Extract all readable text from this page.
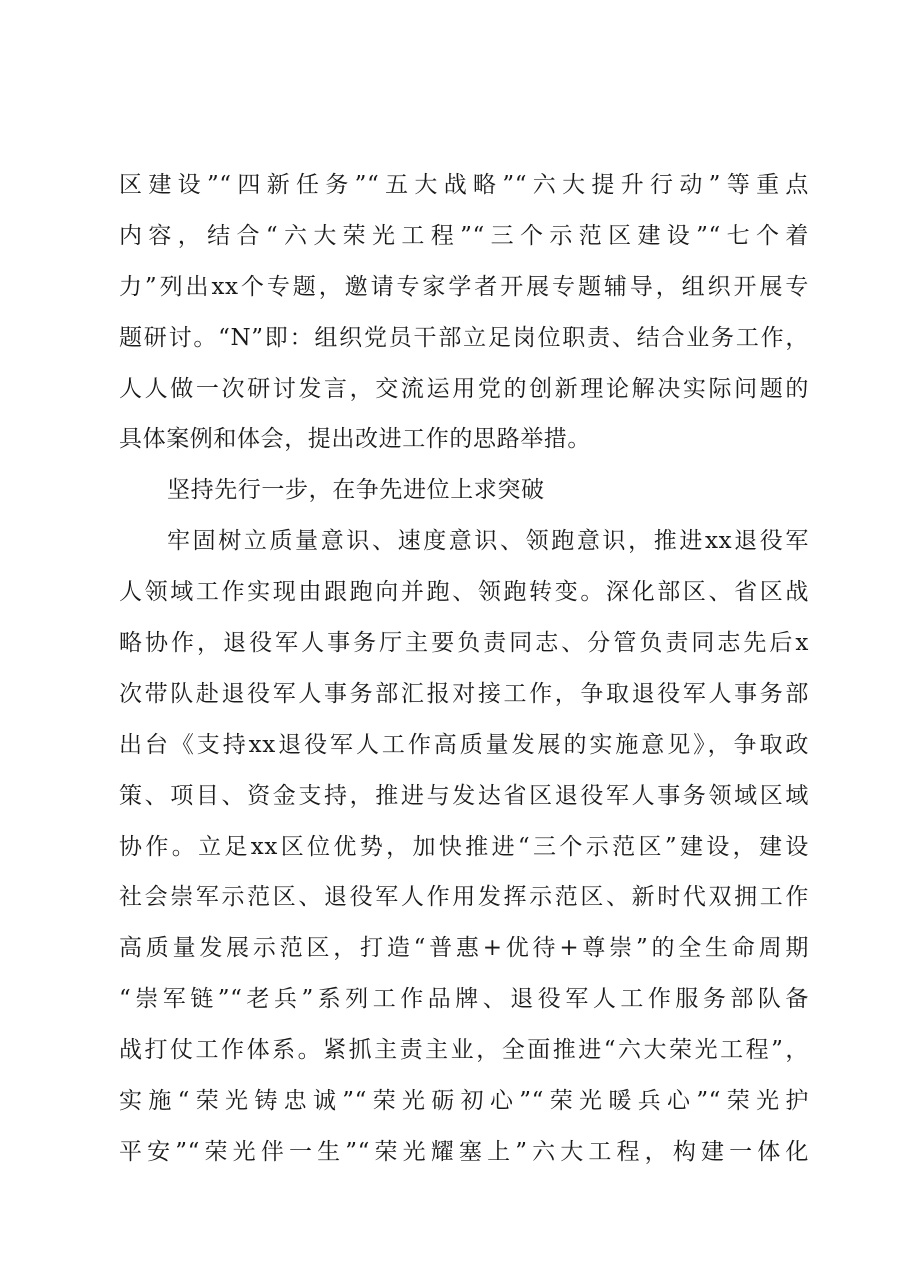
区建设”“四新任务”“五大战略”“六大提升行动”等重点
内容，结合“六大荣光工程”“三个示范区建设”“七个着
力”列出xx个专题，邀请专家学者开展专题辅导，组织开展专
题研讨。“N”即：组织党员干部立足岗位职责、结合业务工作，
人人做一次研讨发言，交流运用党的创新理论解决实际问题的
具体案例和体会，提出改进工作的思路举措。
坚持先行一步，在争先进位上求突破
牢固树立质量意识、速度意识、领跑意识，推进xx退役军
人领域工作实现由跟跑向并跑、领跑转变。深化部区、省区战
略协作，退役军人事务厅主要负责同志、分管负责同志先后x
次带队赴退役军人事务部汇报对接工作，争取退役军人事务部
出台《支持xx退役军人工作高质量发展的实施意见》，争取政
策、项目、资金支持，推进与发达省区退役军人事务领域区域
协作。立足xx区位优势，加快推进“三个示范区”建设，建设
社会崇军示范区、退役军人作用发挥示范区、新时代双拥工作
高质量发展示范区，打造“普惠+优待+尊崇”的全生命周期
“崇军链”“老兵”系列工作品牌、退役军人工作服务部队备
战打仗工作体系。紧抓主责主业，全面推进“六大荣光工程”，
实施“荣光铸忠诚”“荣光砺初心”“荣光暖兵心”“荣光护
平安”“荣光伴一生”“荣光耀塞上”六大工程，构建一体化
